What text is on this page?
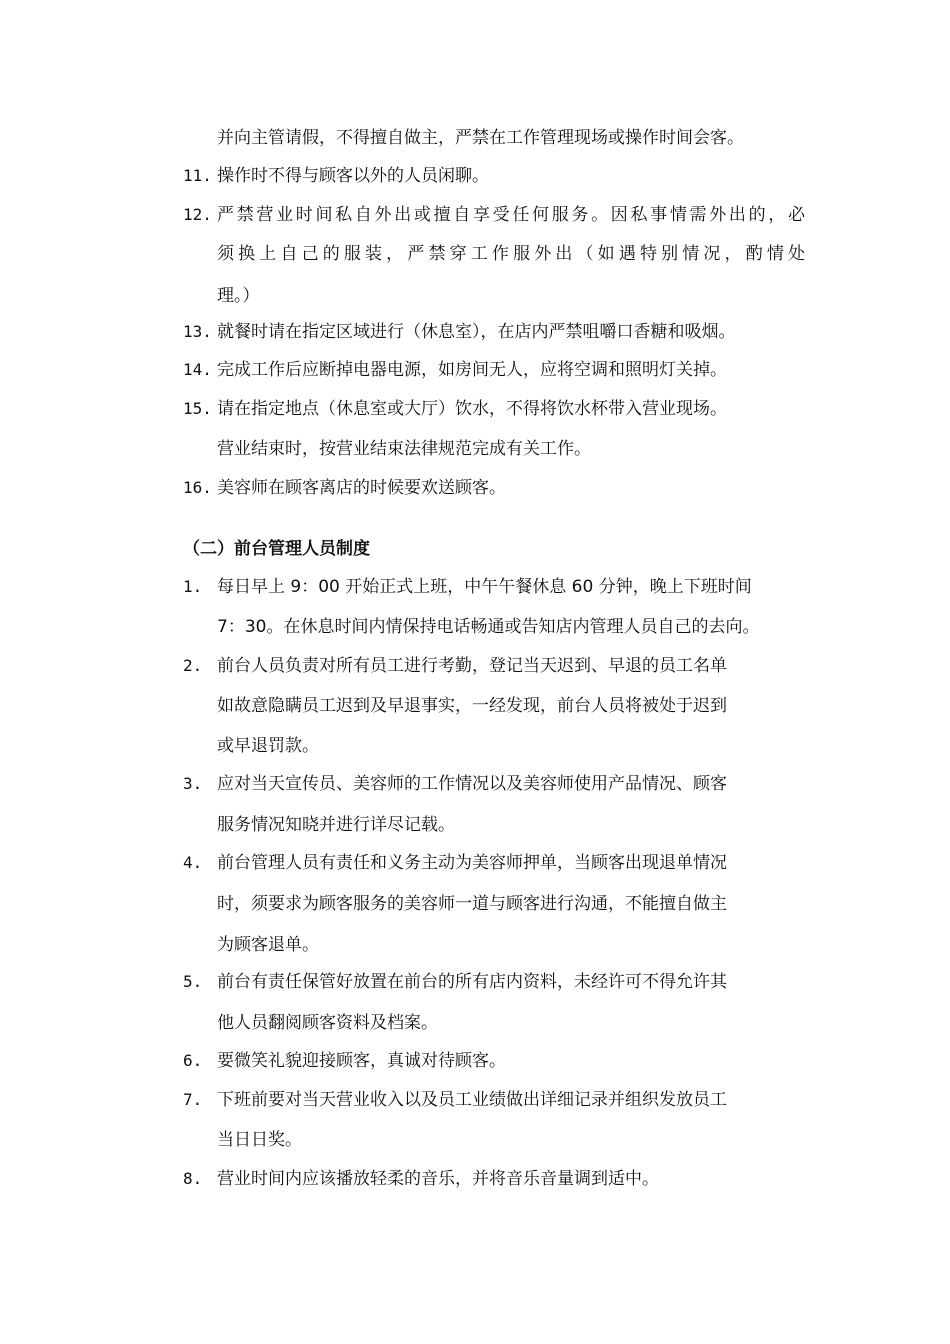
并向主管请假，不得擅自做主，严禁在工作管理现场或操作时间会客。
11. 操作时不得与顾客以外的人员闲聊。
12. 严禁营业时间私自外出或擅自享受任何服务。因私事情需外出的，必
须换上自己的服装，严禁穿工作服外出（如遇特别情况，酌情处
理。）
13. 就餐时请在指定区域进行（休息室），在店内严禁咀嚼口香糖和吸烟。
14. 完成工作后应断掉电器电源，如房间无人，应将空调和照明灯关掉。
15. 请在指定地点（休息室或大厅）饮水，不得将饮水杯带入营业现场。
营业结束时，按营业结束法律规范完成有关工作。
16. 美容师在顾客离店的时候要欢送顾客。
（二）前台管理人员制度
1. 每日早上 9：00 开始正式上班，中午午餐休息 60 分钟，晚上下班时间
7：30。在休息时间内情保持电话畅通或告知店内管理人员自己的去向。
2. 前台人员负责对所有员工进行考勤，登记当天迟到、早退的员工名单
如故意隐瞒员工迟到及早退事实，一经发现，前台人员将被处于迟到
或早退罚款。
3. 应对当天宣传员、美容师的工作情况以及美容师使用产品情况、顾客
服务情况知晓并进行详尽记载。
4. 前台管理人员有责任和义务主动为美容师押单，当顾客出现退单情况
时，须要求为顾客服务的美容师一道与顾客进行沟通，不能擅自做主
为顾客退单。
5. 前台有责任保管好放置在前台的所有店内资料，未经许可不得允许其
他人员翻阅顾客资料及档案。
6. 要微笑礼貌迎接顾客，真诚对待顾客。
7. 下班前要对当天营业收入以及员工业绩做出详细记录并组织发放员工
当日日奖。
8. 营业时间内应该播放轻柔的音乐，并将音乐音量调到适中。
